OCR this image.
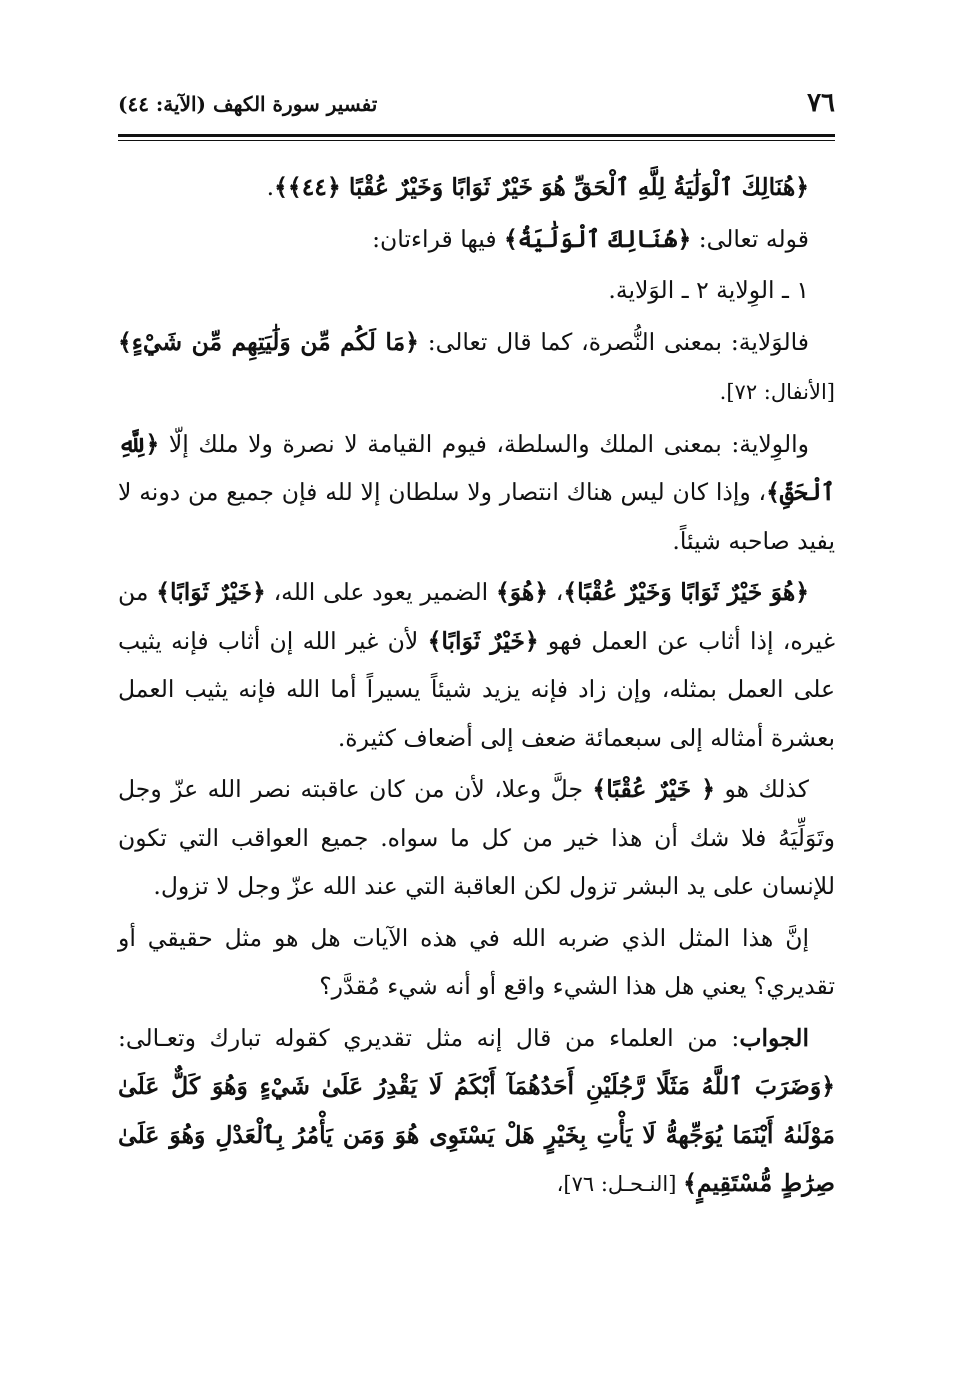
٧٦
تفسير سورة الكهف (الآية: ٤٤)

﴿هُنَالِكَ ٱلْوَلَٰيَةُ لِلَّهِ ٱلْحَقِّ هُوَ خَيْرٌ ثَوَابًا وَخَيْرٌ عُقْبًا ﴿٤٤﴾﴾.

قوله تعالى: ﴿هُنَالِكَ ٱلْوَلَٰيَةُ﴾ فيها قراءتان:

١ ـ الوِلاية ٢ ـ الوَلاية.

فالوَلاية: بمعنى النُّصرة، كما قال تعالى: ﴿مَا لَكُم مِّن وَلَٰيَتِهِم مِّن شَيْءٍ﴾ [الأنفال: ٧٢].

والوِلاية: بمعنى الملك والسلطة، فيوم القيامة لا نصرة ولا ملك إلّا ﴿لِلَّهِ ٱلْحَقِّ﴾، وإذا كان ليس هناك انتصار ولا سلطان إلا لله فإن جميع من دونه لا يفيد صاحبه شيئاً.

﴿هُوَ خَيْرٌ ثَوَابًا وَخَيْرٌ عُقْبًا﴾، ﴿هُوَ﴾ الضمير يعود على الله، ﴿خَيْرٌ ثَوَابًا﴾ من غيره، إذا أثاب عن العمل فهو ﴿خَيْرٌ ثَوَابًا﴾ لأن غير الله إن أثاب فإنه يثيب على العمل بمثله، وإن زاد فإنه يزيد شيئاً يسيراً أما الله فإنه يثيب العمل بعشرة أمثاله إلى سبعمائة ضعف إلى أضعاف كثيرة.

كذلك هو ﴿ خَيْرٌ عُقْبًا﴾ جلَّ وعلا، لأن من كان عاقبته نصر الله عزّ وجل وتَوَلِّيَهُ فلا شك أن هذا خير من كل ما سواه. جميع العواقب التي تكون للإنسان على يد البشر تزول لكن العاقبة التي عند الله عزّ وجل لا تزول.

إنَّ هذا المثل الذي ضربه الله في هذه الآيات هل هو مثل حقيقي أو تقديري؟ يعني هل هذا الشيء واقع أو أنه شيء مُقدَّر؟

الجواب: من العلماء من قال إنه مثل تقديري كقوله تبارك وتعـالى: ﴿وَضَرَبَ ٱللَّهُ مَثَلًا رَّجُلَيْنِ أَحَدُهُمَآ أَبْكَمُ لَا يَقْدِرُ عَلَىٰ شَيْءٍ وَهُوَ كَلٌّ عَلَىٰ مَوْلَىٰهُ أَيْنَمَا يُوَجِّههُّ لَا يَأْتِ بِخَيْرٍ هَلْ يَسْتَوِى هُوَ وَمَن يَأْمُرُ بِٱلْعَدْلِ وَهُوَ عَلَىٰ صِرَٰطٍ مُّسْتَقِيمٍ﴾ [النـحـل: ٧٦]،
